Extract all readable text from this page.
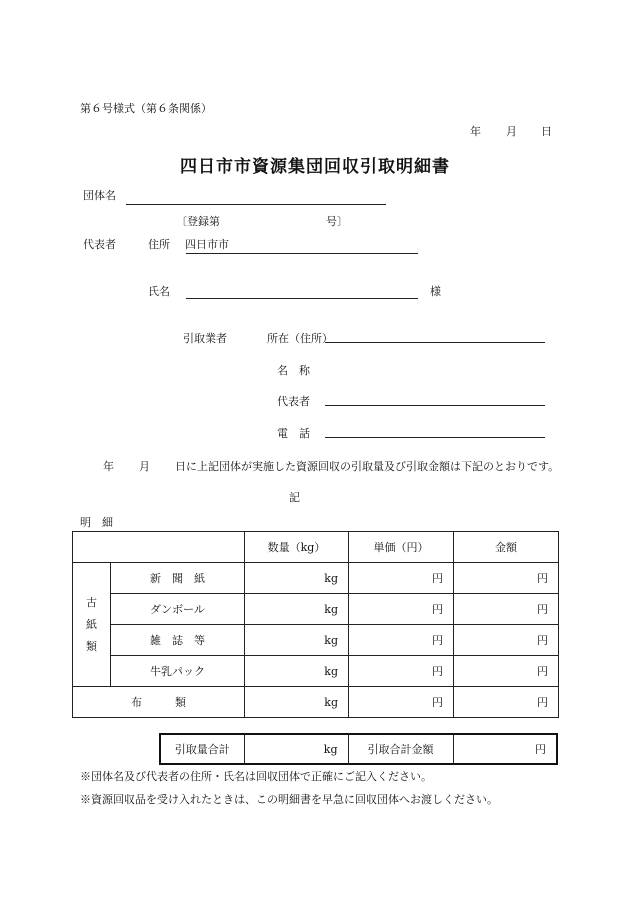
第６号様式（第６条関係）
年 月 日
四日市市資源集団回収引取明細書
団体名
〔登録第	号〕
代表者	住所 四日市市
氏名	様
引取業者	所在（住所）
名　称
代表者
電　話
年 月 日に上記団体が実施した資源回収の引取量及び引取金額は下記のとおりです。
記
明　細
		数量（kg）	単価（円）	金額
古
紙
類	新　聞　紙	kg	円	円
	ダンボール	kg	円	円
	雑　誌　等	kg	円	円
	牛乳パック	kg	円	円
布　　　類		kg	円	円
引取量合計	kg	引取合計金額	円
※団体名及び代表者の住所・氏名は回収団体で正確にご記入ください。
※資源回収品を受け入れたときは、この明細書を早急に回収団体へお渡しください。
